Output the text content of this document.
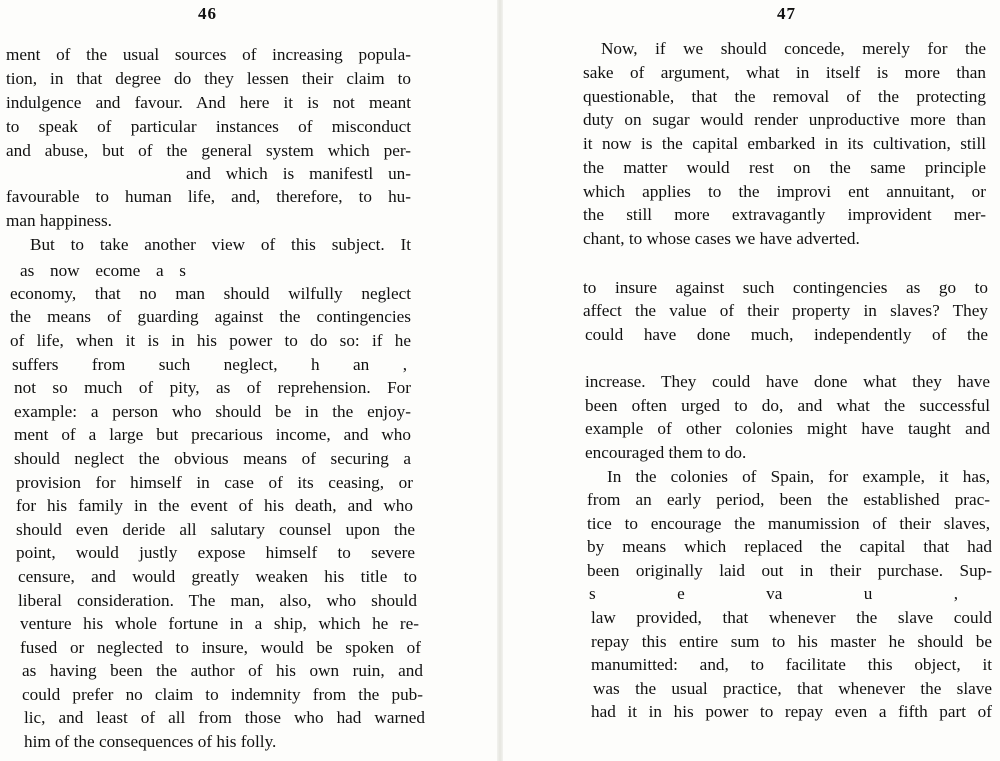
46
ment of the usual sources of increasing popula-
tion, in that degree do they lessen their claim to
indulgence and favour. And here it is not meant
to speak of particular instances of misconduct
and abuse, but of the general system which per-
and which is manifestl un-
favourable to human life, and, therefore, to hu-
man happiness.
But to take another view of this subject. It
as now ecome a s
economy, that no man should wilfully neglect
the means of guarding against the contingencies
of life, when it is in his power to do so: if he
suffers from such neglect, h an ,
not so much of pity, as of reprehension. For
example: a person who should be in the enjoy-
ment of a large but precarious income, and who
should neglect the obvious means of securing a
provision for himself in case of its ceasing, or
for his family in the event of his death, and who
should even deride all salutary counsel upon the
point, would justly expose himself to severe
censure, and would greatly weaken his title to
liberal consideration. The man, also, who should
venture his whole fortune in a ship, which he re-
fused or neglected to insure, would be spoken of
as having been the author of his own ruin, and
could prefer no claim to indemnity from the pub-
lic, and least of all from those who had warned
him of the consequences of his folly.
47
Now, if we should concede, merely for the
sake of argument, what in itself is more than
questionable, that the removal of the protecting
duty on sugar would render unproductive more than
it now is the capital embarked in its cultivation, still
the matter would rest on the same principle
which applies to the improvi ent annuitant, or
the still more extravagantly improvident mer-
chant, to whose cases we have adverted.
to insure against such contingencies as go to
affect the value of their property in slaves? They
could have done much, independently of the
increase. They could have done what they have
been often urged to do, and what the successful
example of other colonies might have taught and
encouraged them to do.
In the colonies of Spain, for example, it has,
from an early period, been the established prac-
tice to encourage the manumission of their slaves,
by means which replaced the capital that had
been originally laid out in their purchase. Sup-
s e va u ,
law provided, that whenever the slave could
repay this entire sum to his master he should be
manumitted: and, to facilitate this object, it
was the usual practice, that whenever the slave
had it in his power to repay even a fifth part of
